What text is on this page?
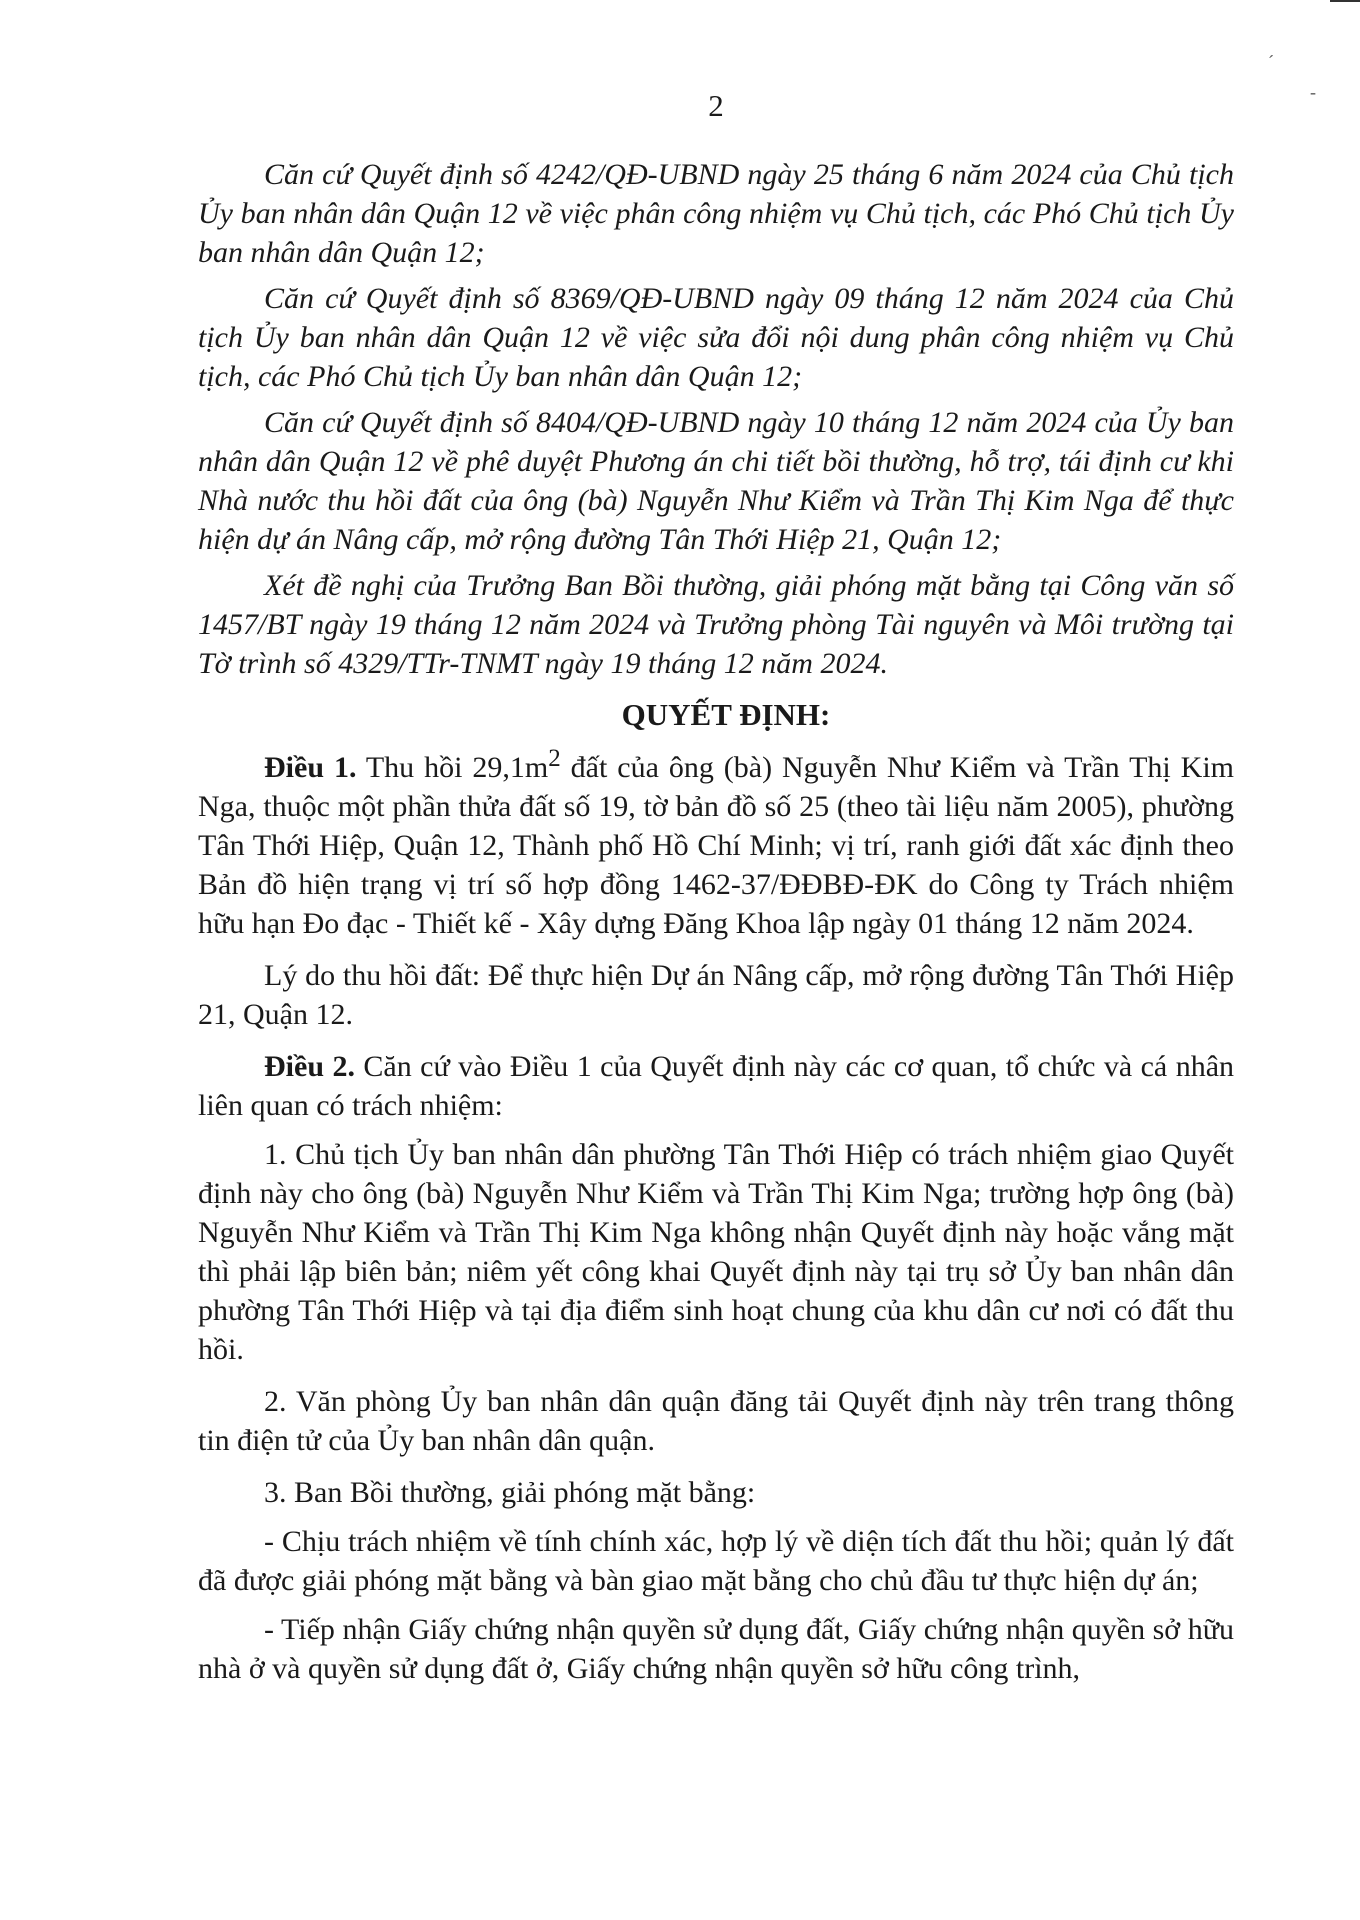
ˊ
-

2

Căn cứ Quyết định số 4242/QĐ-UBND ngày 25 tháng 6 năm 2024 của Chủ tịch Ủy ban nhân dân Quận 12 về việc phân công nhiệm vụ Chủ tịch, các Phó Chủ tịch Ủy ban nhân dân Quận 12;

Căn cứ Quyết định số 8369/QĐ-UBND ngày 09 tháng 12 năm 2024 của Chủ tịch Ủy ban nhân dân Quận 12 về việc sửa đổi nội dung phân công nhiệm vụ Chủ tịch, các Phó Chủ tịch Ủy ban nhân dân Quận 12;

Căn cứ Quyết định số 8404/QĐ-UBND ngày 10 tháng 12 năm 2024 của Ủy ban nhân dân Quận 12 về phê duyệt Phương án chi tiết bồi thường, hỗ trợ, tái định cư khi Nhà nước thu hồi đất của ông (bà) Nguyễn Như Kiểm và Trần Thị Kim Nga để thực hiện dự án Nâng cấp, mở rộng đường Tân Thới Hiệp 21, Quận 12;

Xét đề nghị của Trưởng Ban Bồi thường, giải phóng mặt bằng tại Công văn số 1457/BT ngày 19 tháng 12 năm 2024 và Trưởng phòng Tài nguyên và Môi trường tại Tờ trình số 4329/TTr-TNMT ngày 19 tháng 12 năm 2024.

QUYẾT ĐỊNH:

Điều 1. Thu hồi $29,1m^2$ đất của ông (bà) Nguyễn Như Kiểm và Trần Thị Kim Nga, thuộc một phần thửa đất số 19, tờ bản đồ số 25 (theo tài liệu năm 2005), phường Tân Thới Hiệp, Quận 12, Thành phố Hồ Chí Minh; vị trí, ranh giới đất xác định theo Bản đồ hiện trạng vị trí số hợp đồng 1462-37/ĐĐBĐ-ĐK do Công ty Trách nhiệm hữu hạn Đo đạc - Thiết kế - Xây dựng Đăng Khoa lập ngày 01 tháng 12 năm 2024.

Lý do thu hồi đất: Để thực hiện Dự án Nâng cấp, mở rộng đường Tân Thới Hiệp 21, Quận 12.

Điều 2. Căn cứ vào Điều 1 của Quyết định này các cơ quan, tổ chức và cá nhân liên quan có trách nhiệm:

1. Chủ tịch Ủy ban nhân dân phường Tân Thới Hiệp có trách nhiệm giao Quyết định này cho ông (bà) Nguyễn Như Kiểm và Trần Thị Kim Nga; trường hợp ông (bà) Nguyễn Như Kiểm và Trần Thị Kim Nga không nhận Quyết định này hoặc vắng mặt thì phải lập biên bản; niêm yết công khai Quyết định này tại trụ sở Ủy ban nhân dân phường Tân Thới Hiệp và tại địa điểm sinh hoạt chung của khu dân cư nơi có đất thu hồi.

2. Văn phòng Ủy ban nhân dân quận đăng tải Quyết định này trên trang thông tin điện tử của Ủy ban nhân dân quận.

3. Ban Bồi thường, giải phóng mặt bằng:

- Chịu trách nhiệm về tính chính xác, hợp lý về diện tích đất thu hồi; quản lý đất đã được giải phóng mặt bằng và bàn giao mặt bằng cho chủ đầu tư thực hiện dự án;

- Tiếp nhận Giấy chứng nhận quyền sử dụng đất, Giấy chứng nhận quyền sở hữu nhà ở và quyền sử dụng đất ở, Giấy chứng nhận quyền sở hữu công trình,
